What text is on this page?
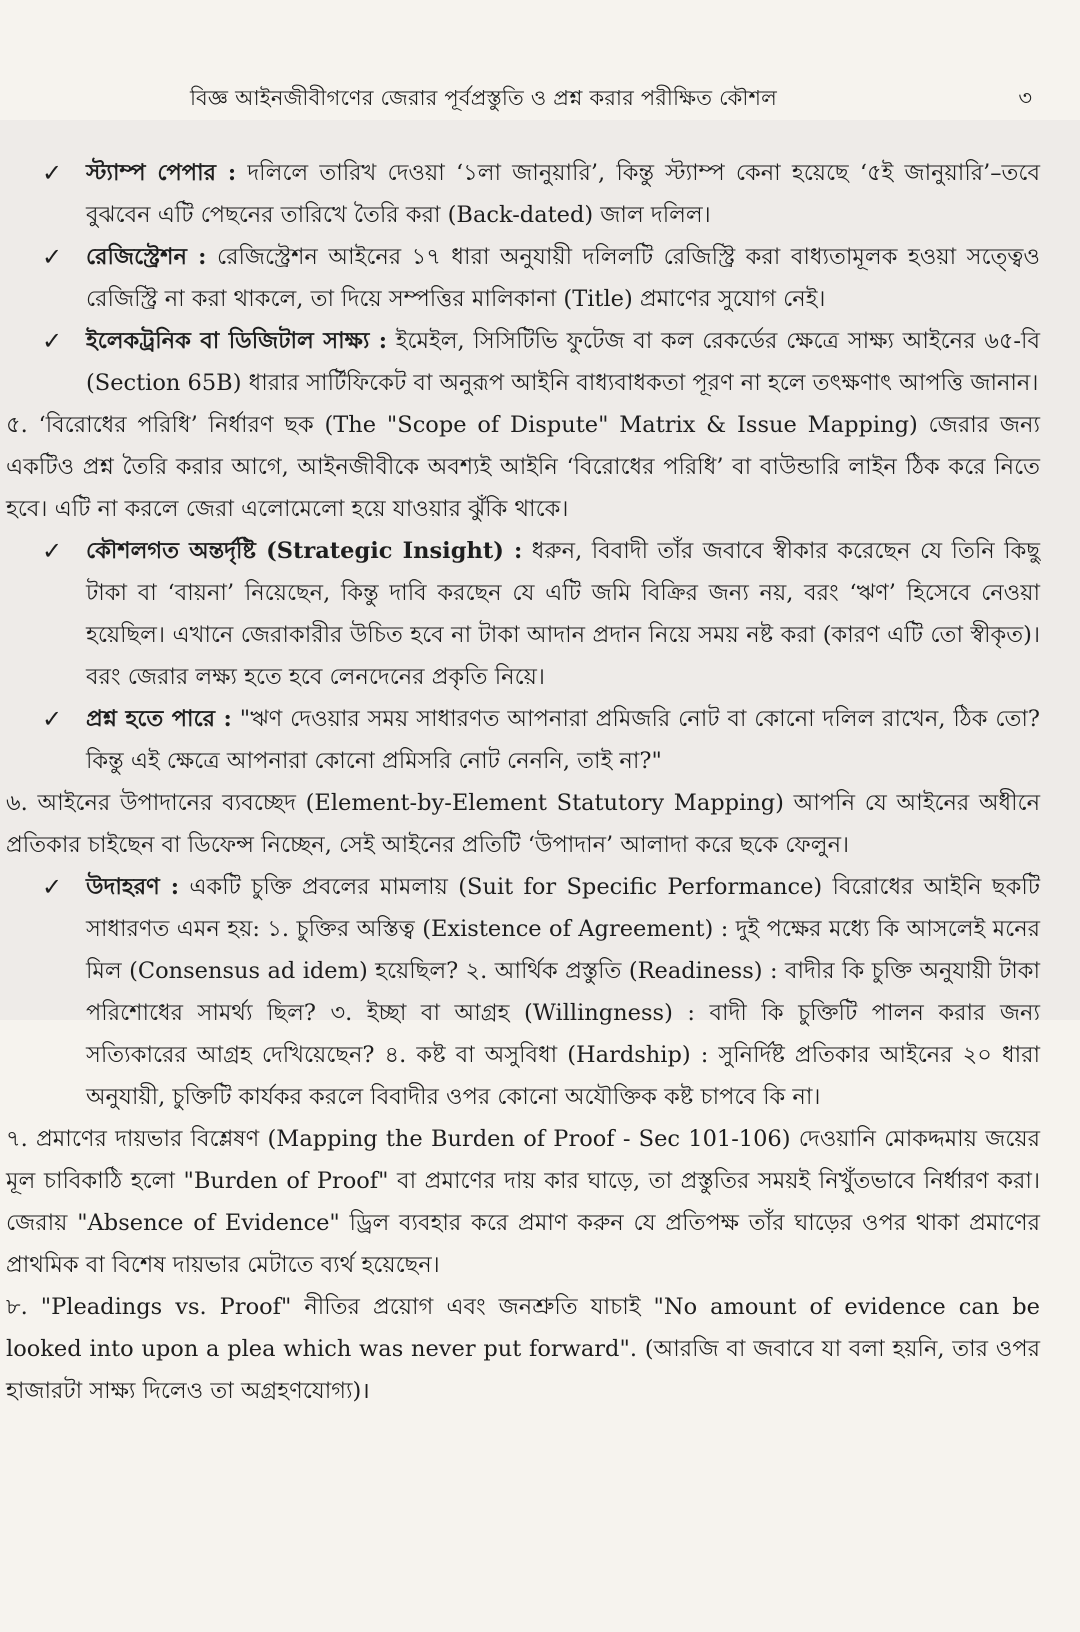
বিজ্ঞ আইনজীবীগণের জেরার পূর্বপ্রস্তুতি ও প্রশ্ন করার পরীক্ষিত কৌশল	৩

✓ স্ট্যাম্প পেপার : দলিলে তারিখ দেওয়া ‘১লা জানুয়ারি’, কিন্তু স্ট্যাম্প কেনা হয়েছে ‘৫ই জানুয়ারি’–তবে বুঝবেন এটি পেছনের তারিখে তৈরি করা (Back-dated) জাল দলিল।

✓ রেজিস্ট্রেশন : রেজিস্ট্রেশন আইনের ১৭ ধারা অনুযায়ী দলিলটি রেজিস্ট্রি করা বাধ্যতামূলক হওয়া সত্ত্বেও রেজিস্ট্রি না করা থাকলে, তা দিয়ে সম্পত্তির মালিকানা (Title) প্রমাণের সুযোগ নেই।

✓ ইলেকট্রনিক বা ডিজিটাল সাক্ষ্য : ইমেইল, সিসিটিভি ফুটেজ বা কল রেকর্ডের ক্ষেত্রে সাক্ষ্য আইনের ৬৫-বি (Section 65B) ধারার সার্টিফিকেট বা অনুরূপ আইনি বাধ্যবাধকতা পূরণ না হলে তৎক্ষণাৎ আপত্তি জানান।

৫. ‘বিরোধের পরিধি’ নির্ধারণ ছক (The "Scope of Dispute" Matrix & Issue Mapping) জেরার জন্য একটিও প্রশ্ন তৈরি করার আগে, আইনজীবীকে অবশ্যই আইনি ‘বিরোধের পরিধি’ বা বাউন্ডারি লাইন ঠিক করে নিতে হবে। এটি না করলে জেরা এলোমেলো হয়ে যাওয়ার ঝুঁকি থাকে।

✓ কৌশলগত অন্তর্দৃষ্টি (Strategic Insight) : ধরুন, বিবাদী তাঁর জবাবে স্বীকার করেছেন যে তিনি কিছু টাকা বা ‘বায়না’ নিয়েছেন, কিন্তু দাবি করছেন যে এটি জমি বিক্রির জন্য নয়, বরং ‘ঋণ’ হিসেবে নেওয়া হয়েছিল। এখানে জেরাকারীর উচিত হবে না টাকা আদান প্রদান নিয়ে সময় নষ্ট করা (কারণ এটি তো স্বীকৃত)। বরং জেরার লক্ষ্য হতে হবে লেনদেনের প্রকৃতি নিয়ে।

✓ প্রশ্ন হতে পারে : "ঋণ দেওয়ার সময় সাধারণত আপনারা প্রমিজরি নোট বা কোনো দলিল রাখেন, ঠিক তো? কিন্তু এই ক্ষেত্রে আপনারা কোনো প্রমিসরি নোট নেননি, তাই না?"

৬. আইনের উপাদানের ব্যবচ্ছেদ (Element-by-Element Statutory Mapping) আপনি যে আইনের অধীনে প্রতিকার চাইছেন বা ডিফেন্স নিচ্ছেন, সেই আইনের প্রতিটি ‘উপাদান’ আলাদা করে ছকে ফেলুন।

✓ উদাহরণ : একটি চুক্তি প্রবলের মামলায় (Suit for Specific Performance) বিরোধের আইনি ছকটি সাধারণত এমন হয়: ১. চুক্তির অস্তিত্ব (Existence of Agreement) : দুই পক্ষের মধ্যে কি আসলেই মনের মিল (Consensus ad idem) হয়েছিল? ২. আর্থিক প্রস্তুতি (Readiness) : বাদীর কি চুক্তি অনুযায়ী টাকা পরিশোধের সামর্থ্য ছিল? ৩. ইচ্ছা বা আগ্রহ (Willingness) : বাদী কি চুক্তিটি পালন করার জন্য সত্যিকারের আগ্রহ দেখিয়েছেন? ৪. কষ্ট বা অসুবিধা (Hardship) : সুনির্দিষ্ট প্রতিকার আইনের ২০ ধারা অনুযায়ী, চুক্তিটি কার্যকর করলে বিবাদীর ওপর কোনো অযৌক্তিক কষ্ট চাপবে কি না।

৭. প্রমাণের দায়ভার বিশ্লেষণ (Mapping the Burden of Proof - Sec 101-106) দেওয়ানি মোকদ্দমায় জয়ের মূল চাবিকাঠি হলো "Burden of Proof" বা প্রমাণের দায় কার ঘাড়ে, তা প্রস্তুতির সময়ই নিখুঁতভাবে নির্ধারণ করা। জেরায় "Absence of Evidence" ড্রিল ব্যবহার করে প্রমাণ করুন যে প্রতিপক্ষ তাঁর ঘাড়ের ওপর থাকা প্রমাণের প্রাথমিক বা বিশেষ দায়ভার মেটাতে ব্যর্থ হয়েছেন।

৮. "Pleadings vs. Proof" নীতির প্রয়োগ এবং জনশ্রুতি যাচাই "No amount of evidence can be looked into upon a plea which was never put forward". (আরজি বা জবাবে যা বলা হয়নি, তার ওপর হাজারটা সাক্ষ্য দিলেও তা অগ্রহণযোগ্য)।
